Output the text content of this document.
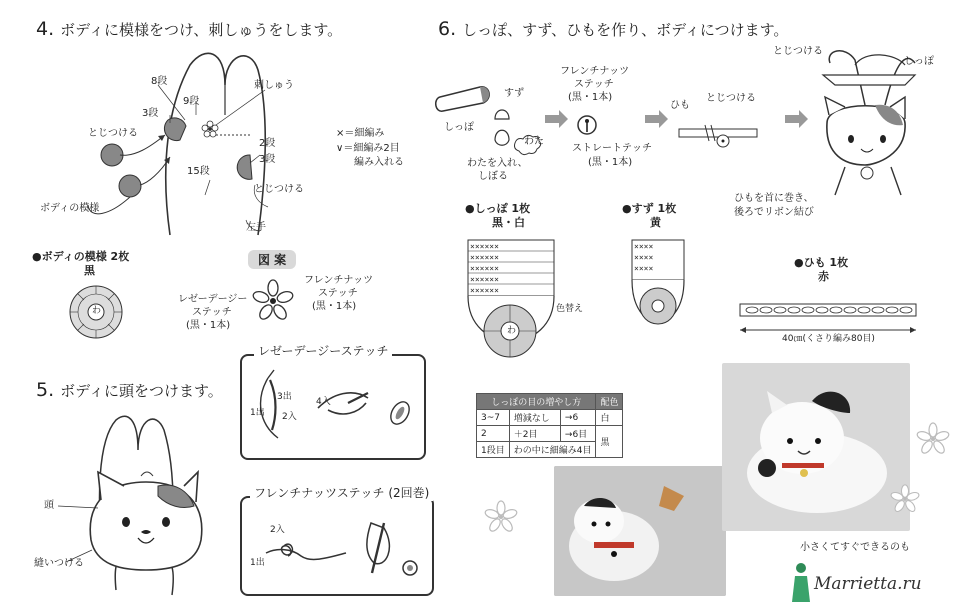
4. ボディに模様をつけ、刺しゅうをします。
8段
9段
3段
とじつける
刺しゅう
2段
3段
15段
とじつける
ボディの模様
左手
×＝細編み
∨＝細編み2目
編み入れる
●ボディの模様 2枚
黒
わ
図 案
レゼーデージー
ステッチ
(黒・1本)
フレンチナッツ
ステッチ
(黒・1本)
レゼーデージーステッチ
3出
1出 2入
4入
フレンチナッツステッチ (2回巻)
2入
1出
5. ボディに頭をつけます。
頭
縫いつける
6. しっぽ、すず、ひもを作り、ボディにつけます。
しっぽ
すず
わた
わたを入れ、
しぼる
フレンチナッツ
ステッチ
(黒・1本)
ストレートテッチ
(黒・1本)
ひも
とじつける
とじつける
しっぽ
ひもを首に巻き、
後ろでリボン結び
●しっぽ 1枚
黒・白
××××××
××××××
××××××
××××××
××××××
わ
色替え
●すず 1枚
黄
××××
××××
××××	●ひも 1枚
赤
40㎝(くさり編み80目)
しっぽの目の増やし方			配色
3~7	増減なし	→6	白
2	＋2目	→6目	黒
1段目	わの中に細編み4目		
小さくてすぐできるのも
Marrietta.ru
